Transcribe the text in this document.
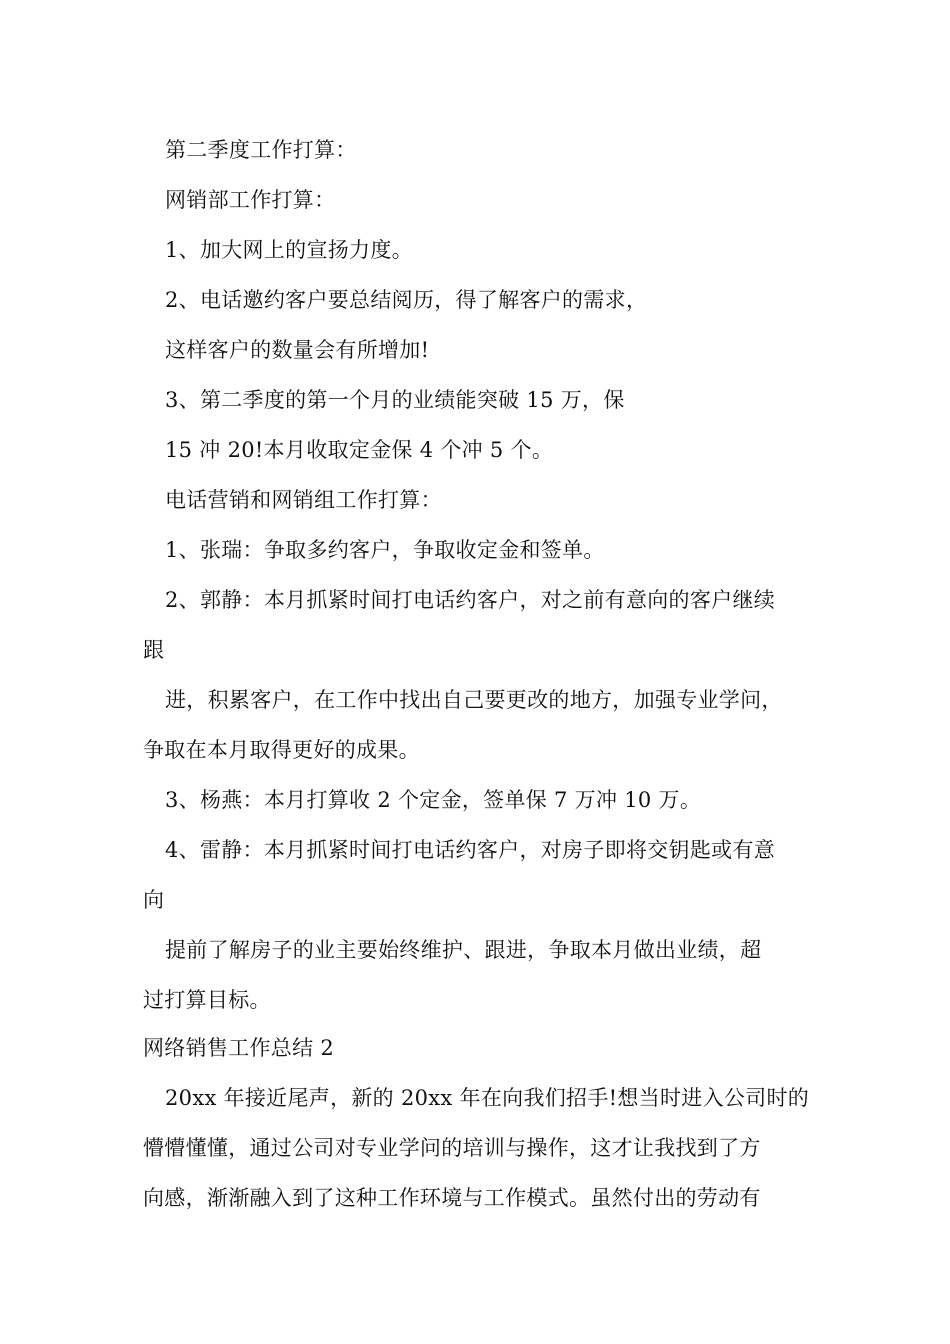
第二季度工作打算：
网销部工作打算：
1、加大网上的宣扬力度。
2、电话邀约客户要总结阅历，得了解客户的需求，
这样客户的数量会有所增加!
3、第二季度的第一个月的业绩能突破 15 万，保
15 冲 20!本月收取定金保 4 个冲 5 个。
电话营销和网销组工作打算：
1、张瑞：争取多约客户，争取收定金和签单。
2、郭静：本月抓紧时间打电话约客户，对之前有意向的客户继续
跟
进，积累客户，在工作中找出自己要更改的地方，加强专业学问，
争取在本月取得更好的成果。
3、杨燕：本月打算收 2 个定金，签单保 7 万冲 10 万。
4、雷静：本月抓紧时间打电话约客户，对房子即将交钥匙或有意
向
提前了解房子的业主要始终维护、跟进，争取本月做出业绩，超
过打算目标。
网络销售工作总结 2
20xx 年接近尾声，新的 20xx 年在向我们招手!想当时进入公司时的
懵懵懂懂，通过公司对专业学问的培训与操作，这才让我找到了方
向感，渐渐融入到了这种工作环境与工作模式。虽然付出的劳动有
